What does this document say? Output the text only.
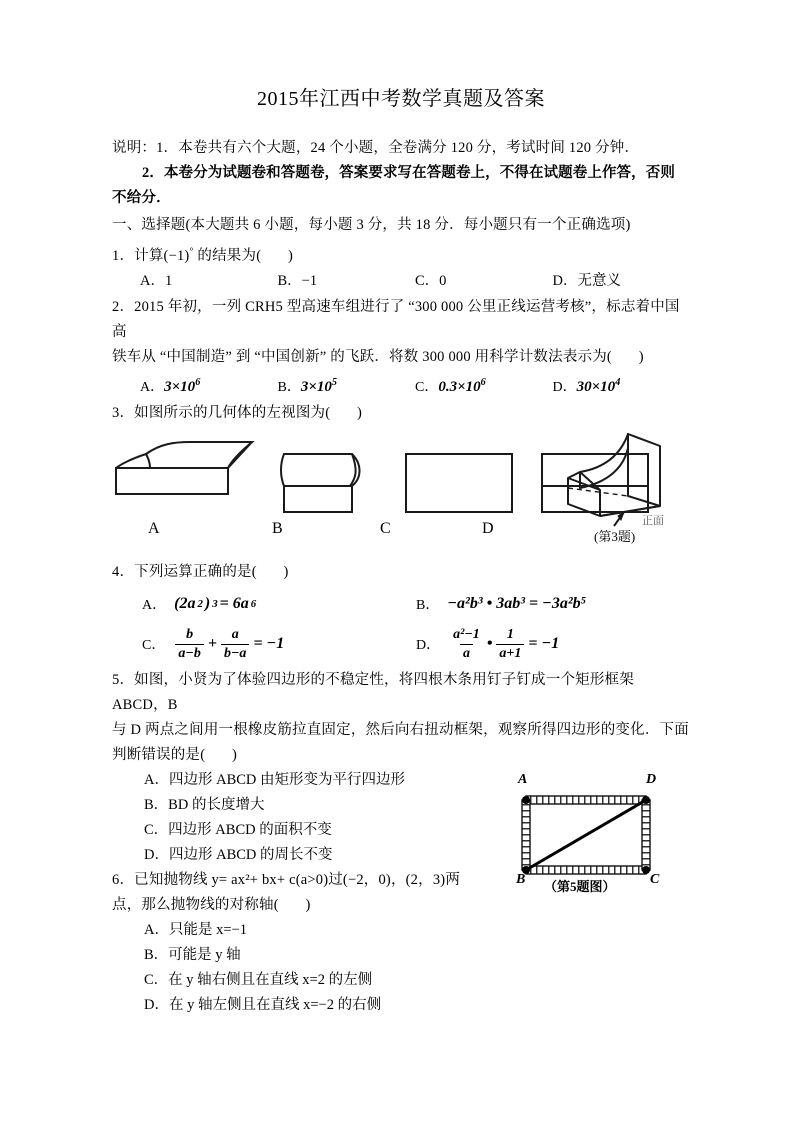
2015年江西中考数学真题及答案
说明：1．本卷共有六个大题，24 个小题，全卷满分 120 分，考试时间 120 分钟．
2．本卷分为试题卷和答题卷，答案要求写在答题卷上，不得在试题卷上作答，否则
不给分．
一、选择题(本大题共 6 小题，每小题 3 分，共 18 分．每小题只有一个正确选项)
1．计算(−1)° 的结果为(       )
A．1	B．−1	C．0	D．无意义
2．2015 年初，一列 CRH5 型高速车组进行了 “300 000 公里正线运营考核”，标志着中国高
铁车从 “中国制造” 到 “中国创新” 的飞跃．将数 300 000 用科学计数法表示为(       )
A．$3\times 10^6$	B．$3\times 10^5$	C．$0.3\times 10^6$	D．$30\times 10^4$
3．如图所示的几何体的左视图为(       )
A	B	C	D	正面
(第3题)
4．下列运算正确的是(       )
A． (2a 2 ) 3 = 6a 6	B． −a²b³ • 3ab³ = −3a²b⁵
C． $\frac{b}{a-b} + \frac{a}{b-a} = -1$	D． $\frac{\text{a²−1}}{a}$ • $\frac{1}{a+1} = -1$
5．如图，小贤为了体验四边形的不稳定性，将四根木条用钉子钉成一个矩形框架 ABCD，B
与 D 两点之间用一根橡皮筋拉直固定，然后向右扭动框架，观察所得四边形的变化．下面
判断错误的是(       )
A．四边形 ABCD 由矩形变为平行四边形
B．BD 的长度增大
C．四边形 ABCD 的面积不变
D．四边形 ABCD 的周长不变
A	D
B	C
（第5题图）
6．已知抛物线 y= ax²+ bx+ c(a>0)过(−2，0)，(2，3)两
点，那么抛物线的对称轴(       )
A．只能是 x=−1
B．可能是 y 轴
C．在 y 轴右侧且在直线 x=2 的左侧
D．在 y 轴左侧且在直线 x=−2 的右侧
